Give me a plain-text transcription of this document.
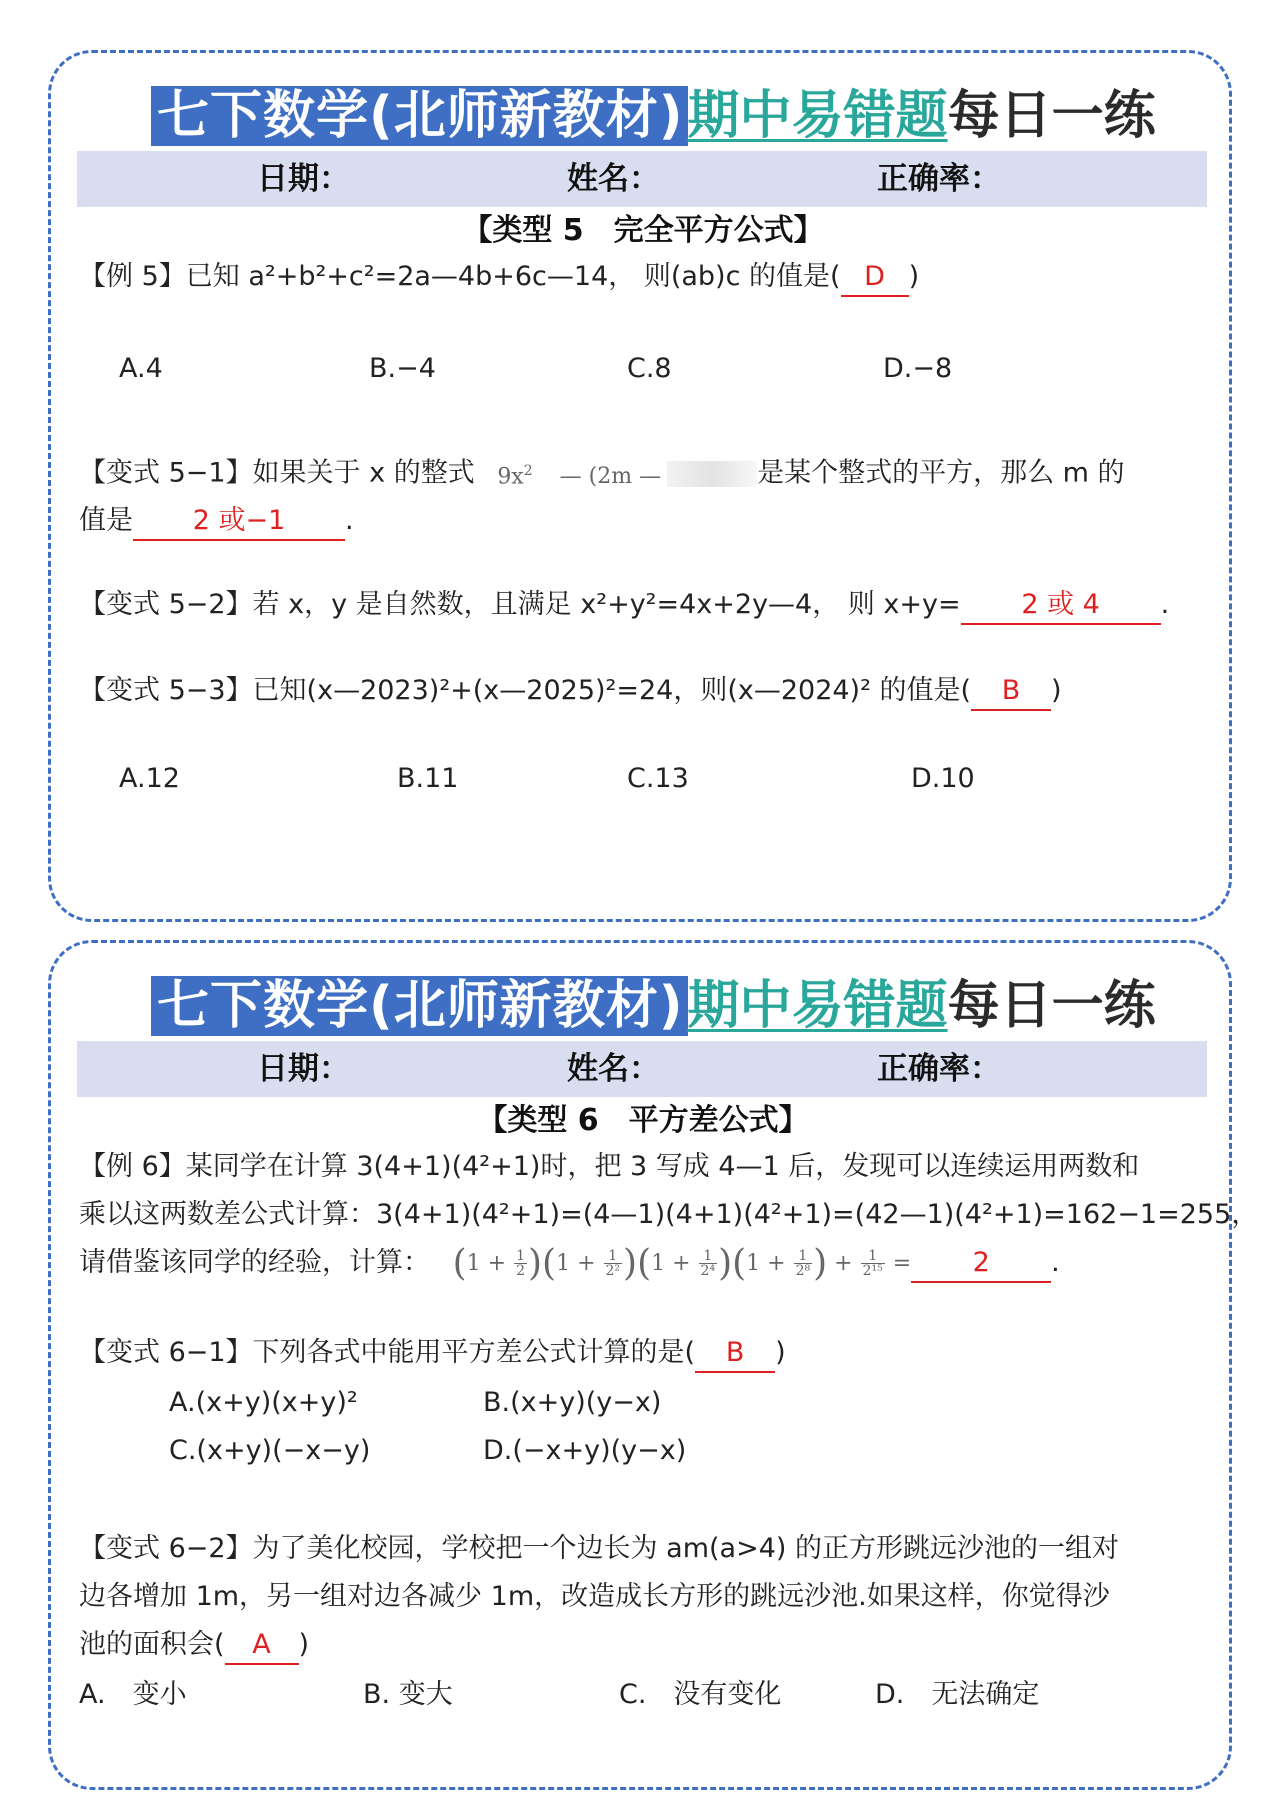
七下数学(北师新教材)期中易错题每日一练
日期：	姓名：	正确率：
【类型 5　完全平方公式】
【例 5】已知 a²+b²+c²=2a—4b+6c—14， 则(ab)c 的值是( D )
A.4	B.−4	C.8	D.−8
【变式 5−1】如果关于 x 的整式 $9x^2$ — (2m —	是某个整式的平方，那么 m 的
值是 2 或−1 .
【变式 5−2】若 x，y 是自然数，且满足 x²+y²=4x+2y—4， 则 x+y= 2 或 4 .
【变式 5−3】已知(x—2023)²+(x—2025)²=24，则(x—2024)² 的值是( B )
A.12	B.11	C.13	D.10
七下数学(北师新教材)期中易错题每日一练
日期：	姓名：	正确率：
【类型 6　平方差公式】
【例 6】某同学在计算 3(4+1)(4²+1)时，把 3 写成 4—1 后，发现可以连续运用两数和
乘以这两数差公式计算：3(4+1)(4²+1)=(4—1)(4+1)(4²+1)=(42—1)(4²+1)=162−1=255，
请借鉴该同学的经验，计算： $(1 + \frac{1}{2} )(1 + \frac{1}{\text{2²}} )(1 + \frac{1}{\text{2⁴}} )(1 + \frac{1}{\text{2⁸}}$ ) + $\frac{1}{\text{2¹⁵}} =2$ .
【变式 6−1】下列各式中能用平方差公式计算的是( B )
A.(x+y)(x+y)²	B.(x+y)(y−x)
C.(x+y)(−x−y)	D.(−x+y)(y−x)
【变式 6−2】为了美化校园，学校把一个边长为 am(a>4) 的正方形跳远沙池的一组对
边各增加 1m，另一组对边各减少 1m，改造成长方形的跳远沙池.如果这样，你觉得沙
池的面积会( A )
A.　变小	B. 变大	C.　没有变化	D.　无法确定
